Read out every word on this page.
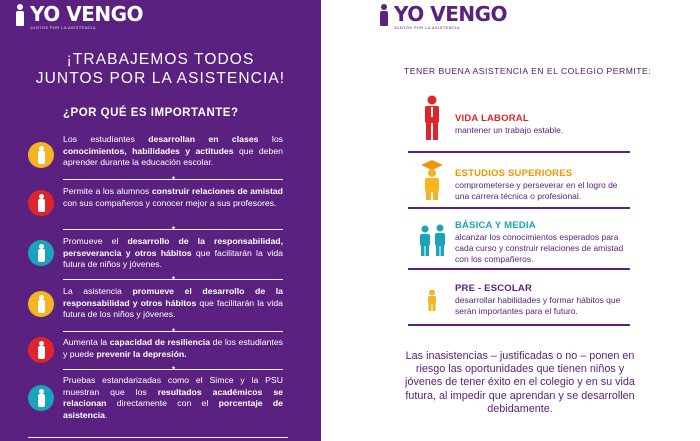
YO VENGO
JUNTOS POR LA ASISTENCIA
¡TRABAJEMOS TODOS
JUNTOS POR LA ASISTENCIA!
¿POR QUÉ ES IMPORTANTE?
Los estudiantes desarrollan en clases los conocimientos, habilidades y actitudes que deben aprender durante la educación escolar.
Permite a los alumnos construir relaciones de amistad con sus compañeros y conocer mejor a sus profesores.
Promueve el desarrollo de la responsabilidad, perseverancia y otros hábitos que facilitarán la vida futura de niños y jóvenes.
La asistencia promueve el desarrollo de la responsabilidad y otros hábitos que facilitarán la vida futura de los niños y jóvenes.
Aumenta la capacidad de resiliencia de los estudiantes y puede prevenir la depresión.
Pruebas estandarizadas como el Simce y la PSU muestran que los resultados académicos se relacionan directamente con el porcentaje de asistencia.
✦
✦
✦
✦
✦
YO VENGO
JUNTOS POR LA ASISTENCIA
TENER BUENA ASISTENCIA EN EL COLEGIO PERMITE:
VIDA LABORAL
mantener un trabajo estable.
ESTUDIOS SUPERIORES
comprometerse y perseverar en el logro de una carrera técnica o profesional.
BÁSICA Y MEDIA
alcanzar los conocimientos esperados para cada curso y construir relaciones de amistad con los compañeros.
PRE - ESCOLAR
desarrollar habilidades y formar hábitos que serán importantes para el futuro.
Las inasistencias – justificadas o no – ponen en riesgo las oportunidades que tienen niños y jóvenes de tener éxito en el colegio y en su vida futura, al impedir que aprendan y se desarrollen debidamente.
